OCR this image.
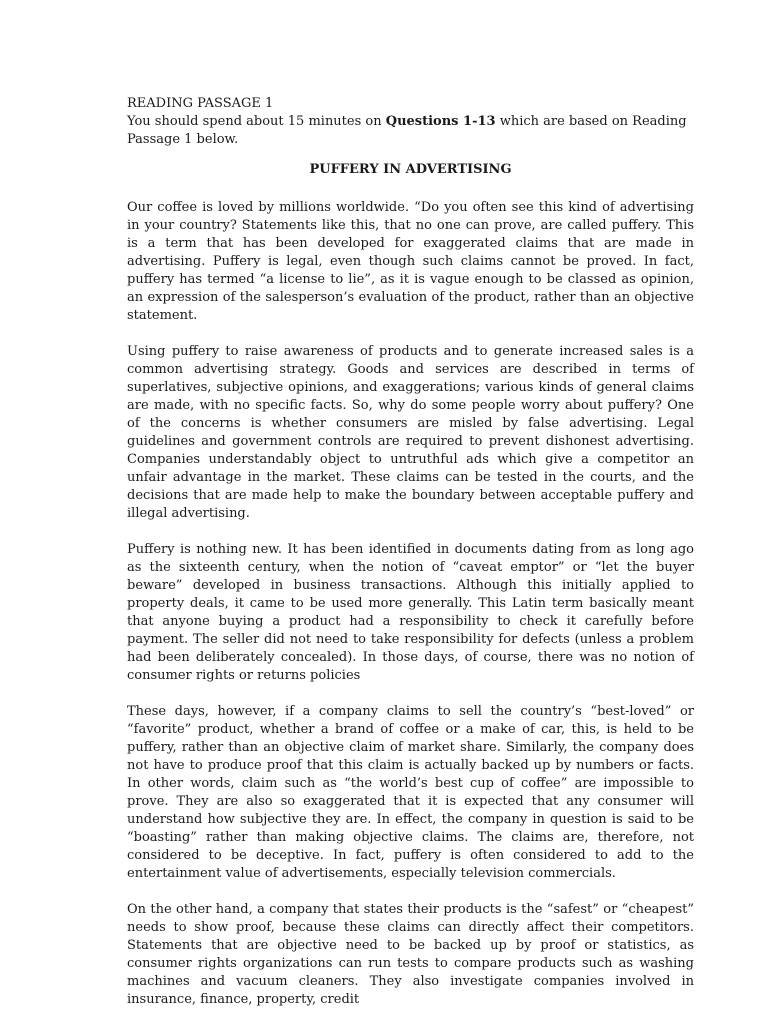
READING PASSAGE 1

You should spend about 15 minutes on Questions 1-13 which are based on Reading Passage 1 below.

PUFFERY IN ADVERTISING

Our coffee is loved by millions worldwide. “Do you often see this kind of advertising in your country? Statements like this, that no one can prove, are called puffery. This is a term that has been developed for exaggerated claims that are made in advertising. Puffery is legal, even though such claims cannot be proved. In fact, puffery has termed “a license to lie”, as it is vague enough to be classed as opinion, an expression of the salesperson’s evaluation of the product, rather than an objective statement.

Using puffery to raise awareness of products and to generate increased sales is a common advertising strategy. Goods and services are described in terms of superlatives, subjective opinions, and exaggerations; various kinds of general claims are made, with no specific facts. So, why do some people worry about puffery? One of the concerns is whether consumers are misled by false advertising. Legal guidelines and government controls are required to prevent dishonest advertising. Companies understandably object to untruthful ads which give a competitor an unfair advantage in the market. These claims can be tested in the courts, and the decisions that are made help to make the boundary between acceptable puffery and illegal advertising.

Puffery is nothing new. It has been identified in documents dating from as long ago as the sixteenth century, when the notion of “caveat emptor” or “let the buyer beware” developed in business transactions. Although this initially applied to property deals, it came to be used more generally. This Latin term basically meant that anyone buying a product had a responsibility to check it carefully before payment. The seller did not need to take responsibility for defects (unless a problem had been deliberately concealed). In those days, of course, there was no notion of consumer rights or returns policies

These days, however, if a company claims to sell the country’s “best-loved” or “favorite” product, whether a brand of coffee or a make of car, this, is held to be puffery, rather than an objective claim of market share. Similarly, the company does not have to produce proof that this claim is actually backed up by numbers or facts. In other words, claim such as “the world’s best cup of coffee” are impossible to prove. They are also so exaggerated that it is expected that any consumer will understand how subjective they are. In effect, the company in question is said to be “boasting” rather than making objective claims. The claims are, therefore, not considered to be deceptive. In fact, puffery is often considered to add to the entertainment value of advertisements, especially television commercials.

On the other hand, a company that states their products is the “safest” or “cheapest” needs to show proof, because these claims can directly affect their competitors. Statements that are objective need to be backed up by proof or statistics, as consumer rights organizations can run tests to compare products such as washing machines and vacuum cleaners. They also investigate companies involved in insurance, finance, property, credit
